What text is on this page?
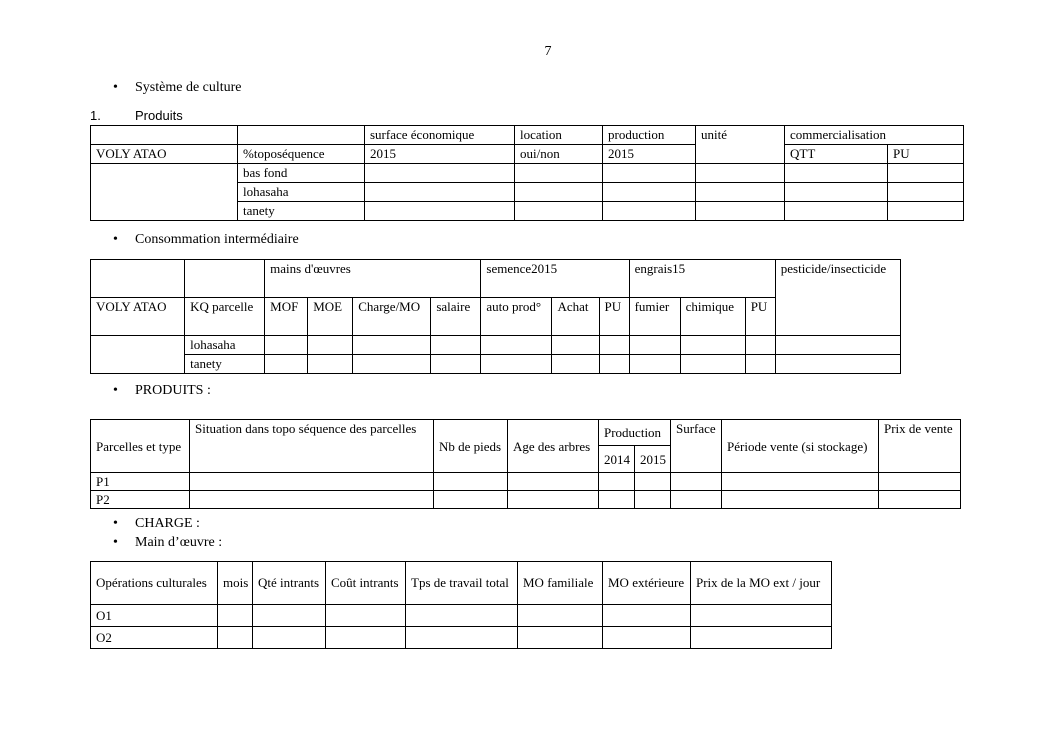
7
• Système de culture
1.	Produits
		surface économique	location	production	unité	commercialisation	
VOLY ATAO	%toposéquence	2015	oui/non	2015		QTT	PU
	bas fond						
	lohasaha						
	tanety						
• Consommation intermédiaire
		mains d'œuvres				semence2015			engrais15			pesticide/insecticide
VOLY ATAO	KQ parcelle	MOF	MOE	Charge/MO	salaire	auto prod°	Achat	PU	fumier	chimique	PU	
	lohasaha											
	tanety											
• PRODUITS :
Parcelles et type	Situation dans topo séquence des parcelles	Nb de pieds	Age des arbres	Production		Surface	Période vente (si stockage)	Prix de vente
				2014	2015			
P1								
P2								
• CHARGE :
• Main d’œuvre :
Opérations culturales	mois	Qté intrants	Coût intrants	Tps de travail total	MO familiale	MO extérieure	Prix de la MO ext / jour
O1							
O2							
